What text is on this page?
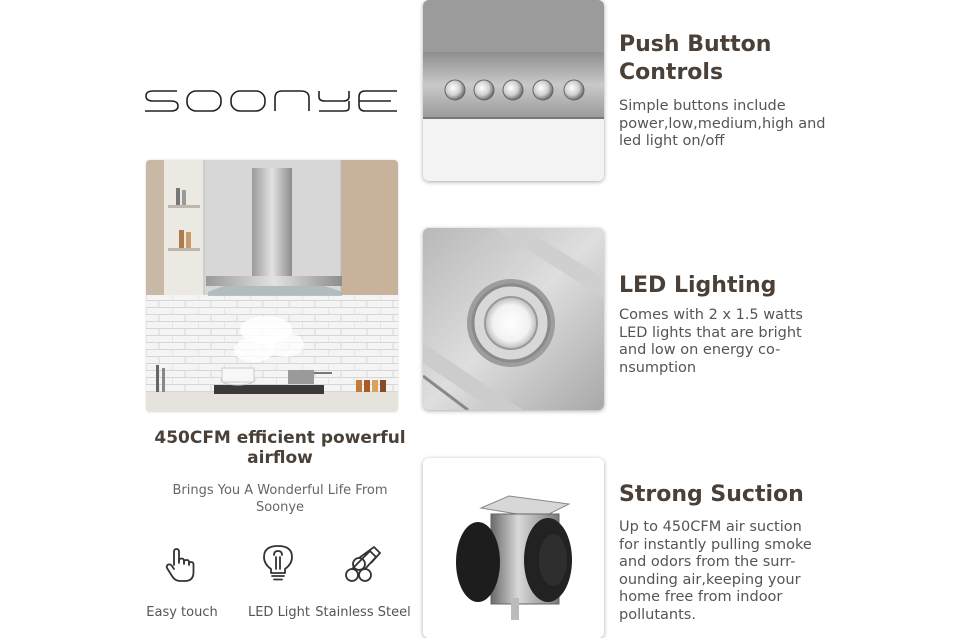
450CFM efficient powerful airflow
Brings You A Wonderful Life From Soonye
Easy touch	LED Light Stainless Steel
Push Button Controls
Simple buttons include power,low,medium,high and led light on/off
LED Lighting
Comes with 2 x 1.5 watts LED lights that are bright and low on energy co-nsumption
Strong Suction
Up to 450CFM air suction for instantly pulling smoke and odors from the surr-ounding air,keeping your home free from indoor pollutants.
